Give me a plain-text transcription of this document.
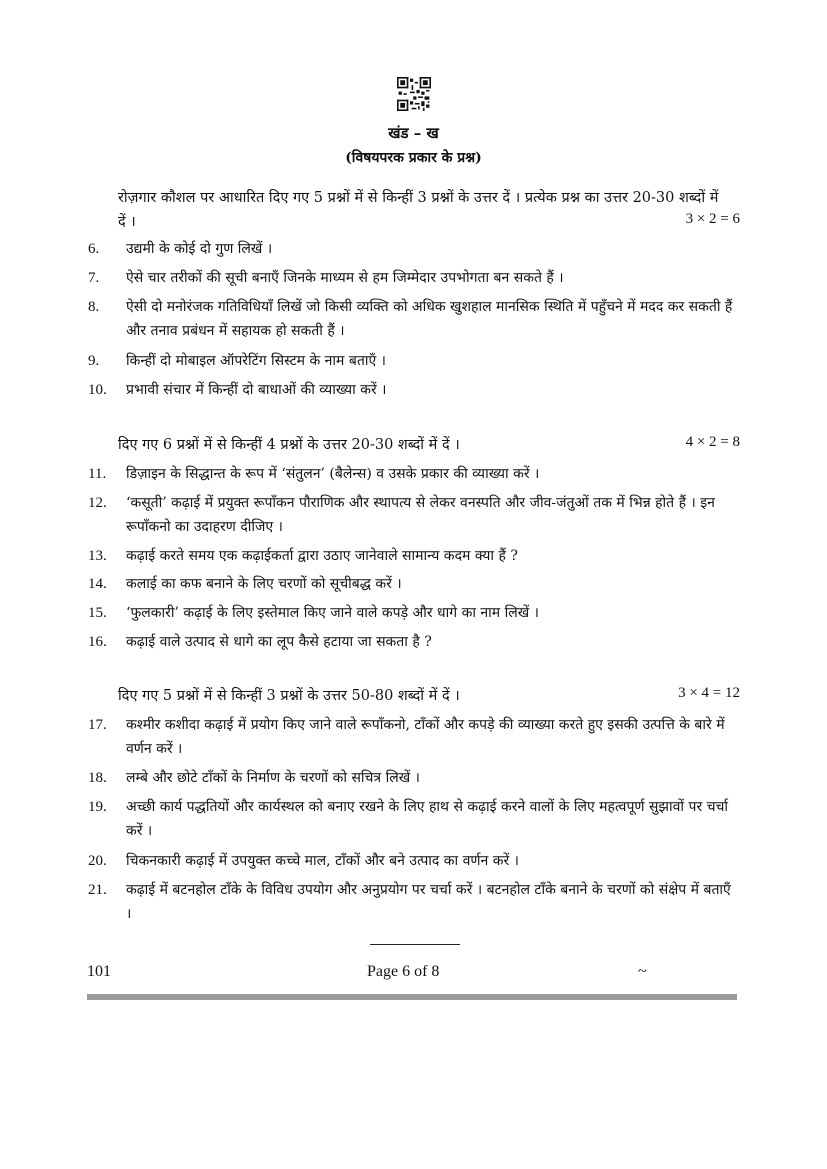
खंड – ख
(विषयपरक प्रकार के प्रश्न)
रोज़गार कौशल पर आधारित दिए गए 5 प्रश्नों में से किन्हीं 3 प्रश्नों के उत्तर दें । प्रत्येक प्रश्न का उत्तर 20-30 शब्दों में दें ।	3 × 2 = 6
6.	उद्यमी के कोई दो गुण लिखें ।
7.	ऐसे चार तरीकों की सूची बनाएँ जिनके माध्यम से हम जिम्मेदार उपभोगता बन सकते हैं ।
8.	ऐसी दो मनोरंजक गतिविधियाँ लिखें जो किसी व्यक्ति को अधिक खुशहाल मानसिक स्थिति में पहुँचने में मदद कर सकती हैं और तनाव प्रबंधन में सहायक हो सकती हैं ।
9.	किन्हीं दो मोबाइल ऑपरेटिंग सिस्टम के नाम बताएँ ।
10.	प्रभावी संचार में किन्हीं दो बाधाओं की व्याख्या करें ।
दिए गए 6 प्रश्नों में से किन्हीं 4 प्रश्नों के उत्तर 20-30 शब्दों में दें ।	4 × 2 = 8
11.	डिज़ाइन के सिद्धान्त के रूप में ‘संतुलन’ (बैलेन्स) व उसके प्रकार की व्याख्या करें ।
12.	‘कसूती’ कढ़ाई में प्रयुक्त रूपाँकन पौराणिक और स्थापत्य से लेकर वनस्पति और जीव-जंतुओं तक में भिन्न होते हैं । इन रूपाँकनो का उदाहरण दीजिए ।
13.	कढ़ाई करते समय एक कढ़ाईकर्ता द्वारा उठाए जानेवाले सामान्य कदम क्या हैं ?
14.	कलाई का कफ बनाने के लिए चरणों को सूचीबद्ध करें ।
15.	‘फुलकारी’ कढ़ाई के लिए इस्तेमाल किए जाने वाले कपड़े और धागे का नाम लिखें ।
16.	कढ़ाई वाले उत्पाद से धागे का लूप कैसे हटाया जा सकता है ?
दिए गए 5 प्रश्नों में से किन्हीं 3 प्रश्नों के उत्तर 50-80 शब्दों में दें ।	3 × 4 = 12
17.	कश्मीर कशीदा कढ़ाई में प्रयोग किए जाने वाले रूपाँकनो, टाँकों और कपड़े की व्याख्या करते हुए इसकी उत्पत्ति के बारे में वर्णन करें ।
18.	लम्बे और छोटे टाँकों के निर्माण के चरणों को सचित्र लिखें ।
19.	अच्छी कार्य पद्धतियों और कार्यस्थल को बनाए रखने के लिए हाथ से कढ़ाई करने वालों के लिए महत्वपूर्ण सुझावों पर चर्चा करें ।
20.	चिकनकारी कढ़ाई में उपयुक्त कच्चे माल, टाँकों और बने उत्पाद का वर्णन करें ।
21.	कढ़ाई में बटनहोल टाँके के विविध उपयोग और अनुप्रयोग पर चर्चा करें । बटनहोल टाँके बनाने के चरणों को संक्षेप में बताएँ ।
101	Page 6 of 8	~
